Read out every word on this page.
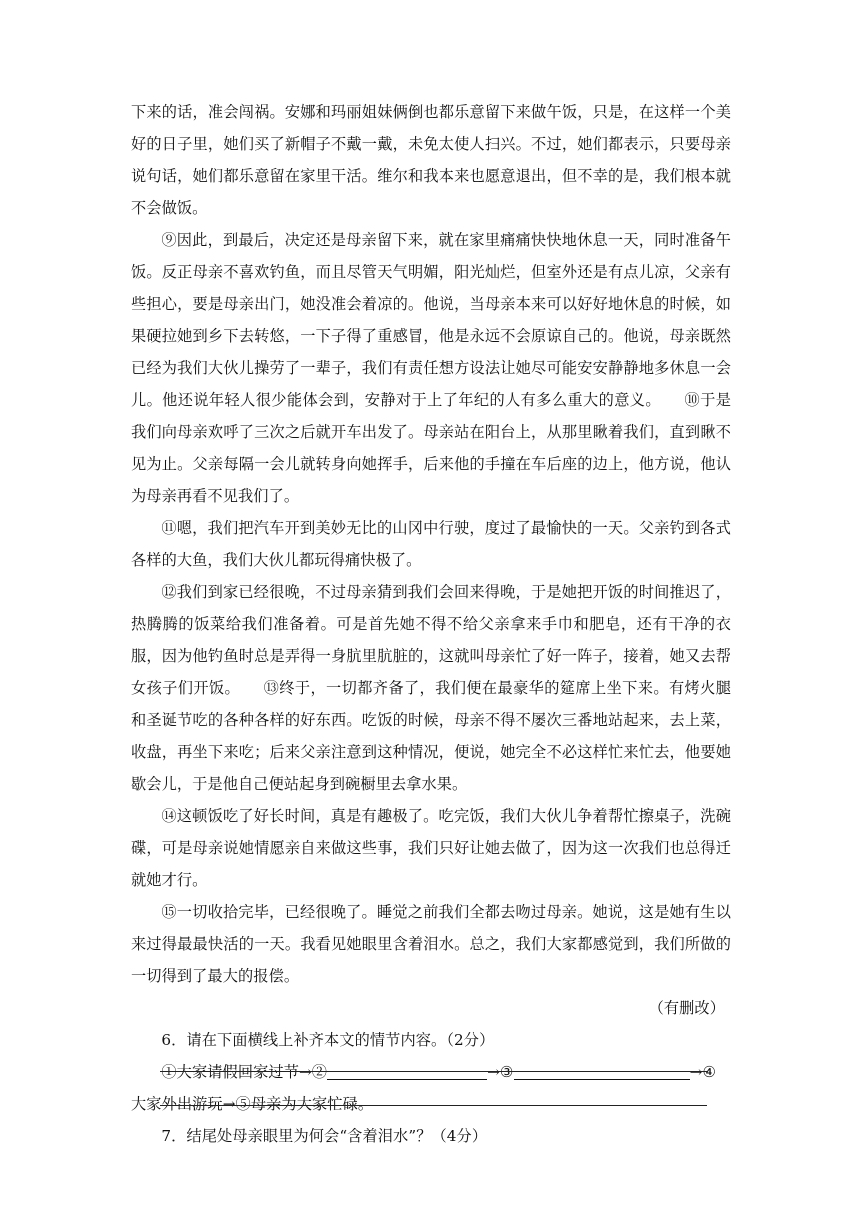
下来的话，准会闯祸。安娜和玛丽姐妹俩倒也都乐意留下来做午饭，只是，在这样一个美好的日子里，她们买了新帽子不戴一戴，未免太使人扫兴。不过，她们都表示，只要母亲说句话，她们都乐意留在家里干活。维尔和我本来也愿意退出，但不幸的是，我们根本就不会做饭。

⑨因此，到最后，决定还是母亲留下来，就在家里痛痛快快地休息一天，同时准备午饭。反正母亲不喜欢钓鱼，而且尽管天气明媚，阳光灿烂，但室外还是有点儿凉，父亲有些担心，要是母亲出门，她没准会着凉的。他说，当母亲本来可以好好地休息的时候，如果硬拉她到乡下去转悠，一下子得了重感冒，他是永远不会原谅自己的。他说，母亲既然已经为我们大伙儿操劳了一辈子，我们有责任想方设法让她尽可能安安静静地多休息一会儿。他还说年轻人很少能体会到，安静对于上了年纪的人有多么重大的意义。　　⑩于是我们向母亲欢呼了三次之后就开车出发了。母亲站在阳台上，从那里瞅着我们，直到瞅不见为止。父亲每隔一会儿就转身向她挥手，后来他的手撞在车后座的边上，他方说，他认为母亲再看不见我们了。

⑪嗯，我们把汽车开到美妙无比的山冈中行驶，度过了最愉快的一天。父亲钓到各式各样的大鱼，我们大伙儿都玩得痛快极了。

⑫我们到家已经很晚，不过母亲猜到我们会回来得晚，于是她把开饭的时间推迟了，热腾腾的饭菜给我们准备着。可是首先她不得不给父亲拿来手巾和肥皂，还有干净的衣服，因为他钓鱼时总是弄得一身肮里肮脏的，这就叫母亲忙了好一阵子，接着，她又去帮女孩子们开饭。　　⑬终于，一切都齐备了，我们便在最豪华的筵席上坐下来。有烤火腿和圣诞节吃的各种各样的好东西。吃饭的时候，母亲不得不屡次三番地站起来，去上菜，收盘，再坐下来吃；后来父亲注意到这种情况，便说，她完全不必这样忙来忙去，他要她歇会儿，于是他自己便站起身到碗橱里去拿水果。

⑭这顿饭吃了好长时间，真是有趣极了。吃完饭，我们大伙儿争着帮忙擦桌子，洗碗碟，可是母亲说她情愿亲自来做这些事，我们只好让她去做了，因为这一次我们也总得迁就她才行。

⑮一切收拾完毕，已经很晚了。睡觉之前我们全都去吻过母亲。她说，这是她有生以来过得最最快活的一天。我看见她眼里含着泪水。总之，我们大家都感觉到，我们所做的一切得到了最大的报偿。

（有删改）

6．请在下面横线上补齐本文的情节内容。（2分）

①大家请假回家过节→②	→③	→④

大家外出游玩→⑤母亲为大家忙碌。

7．结尾处母亲眼里为何会“含着泪水”？（4分）
